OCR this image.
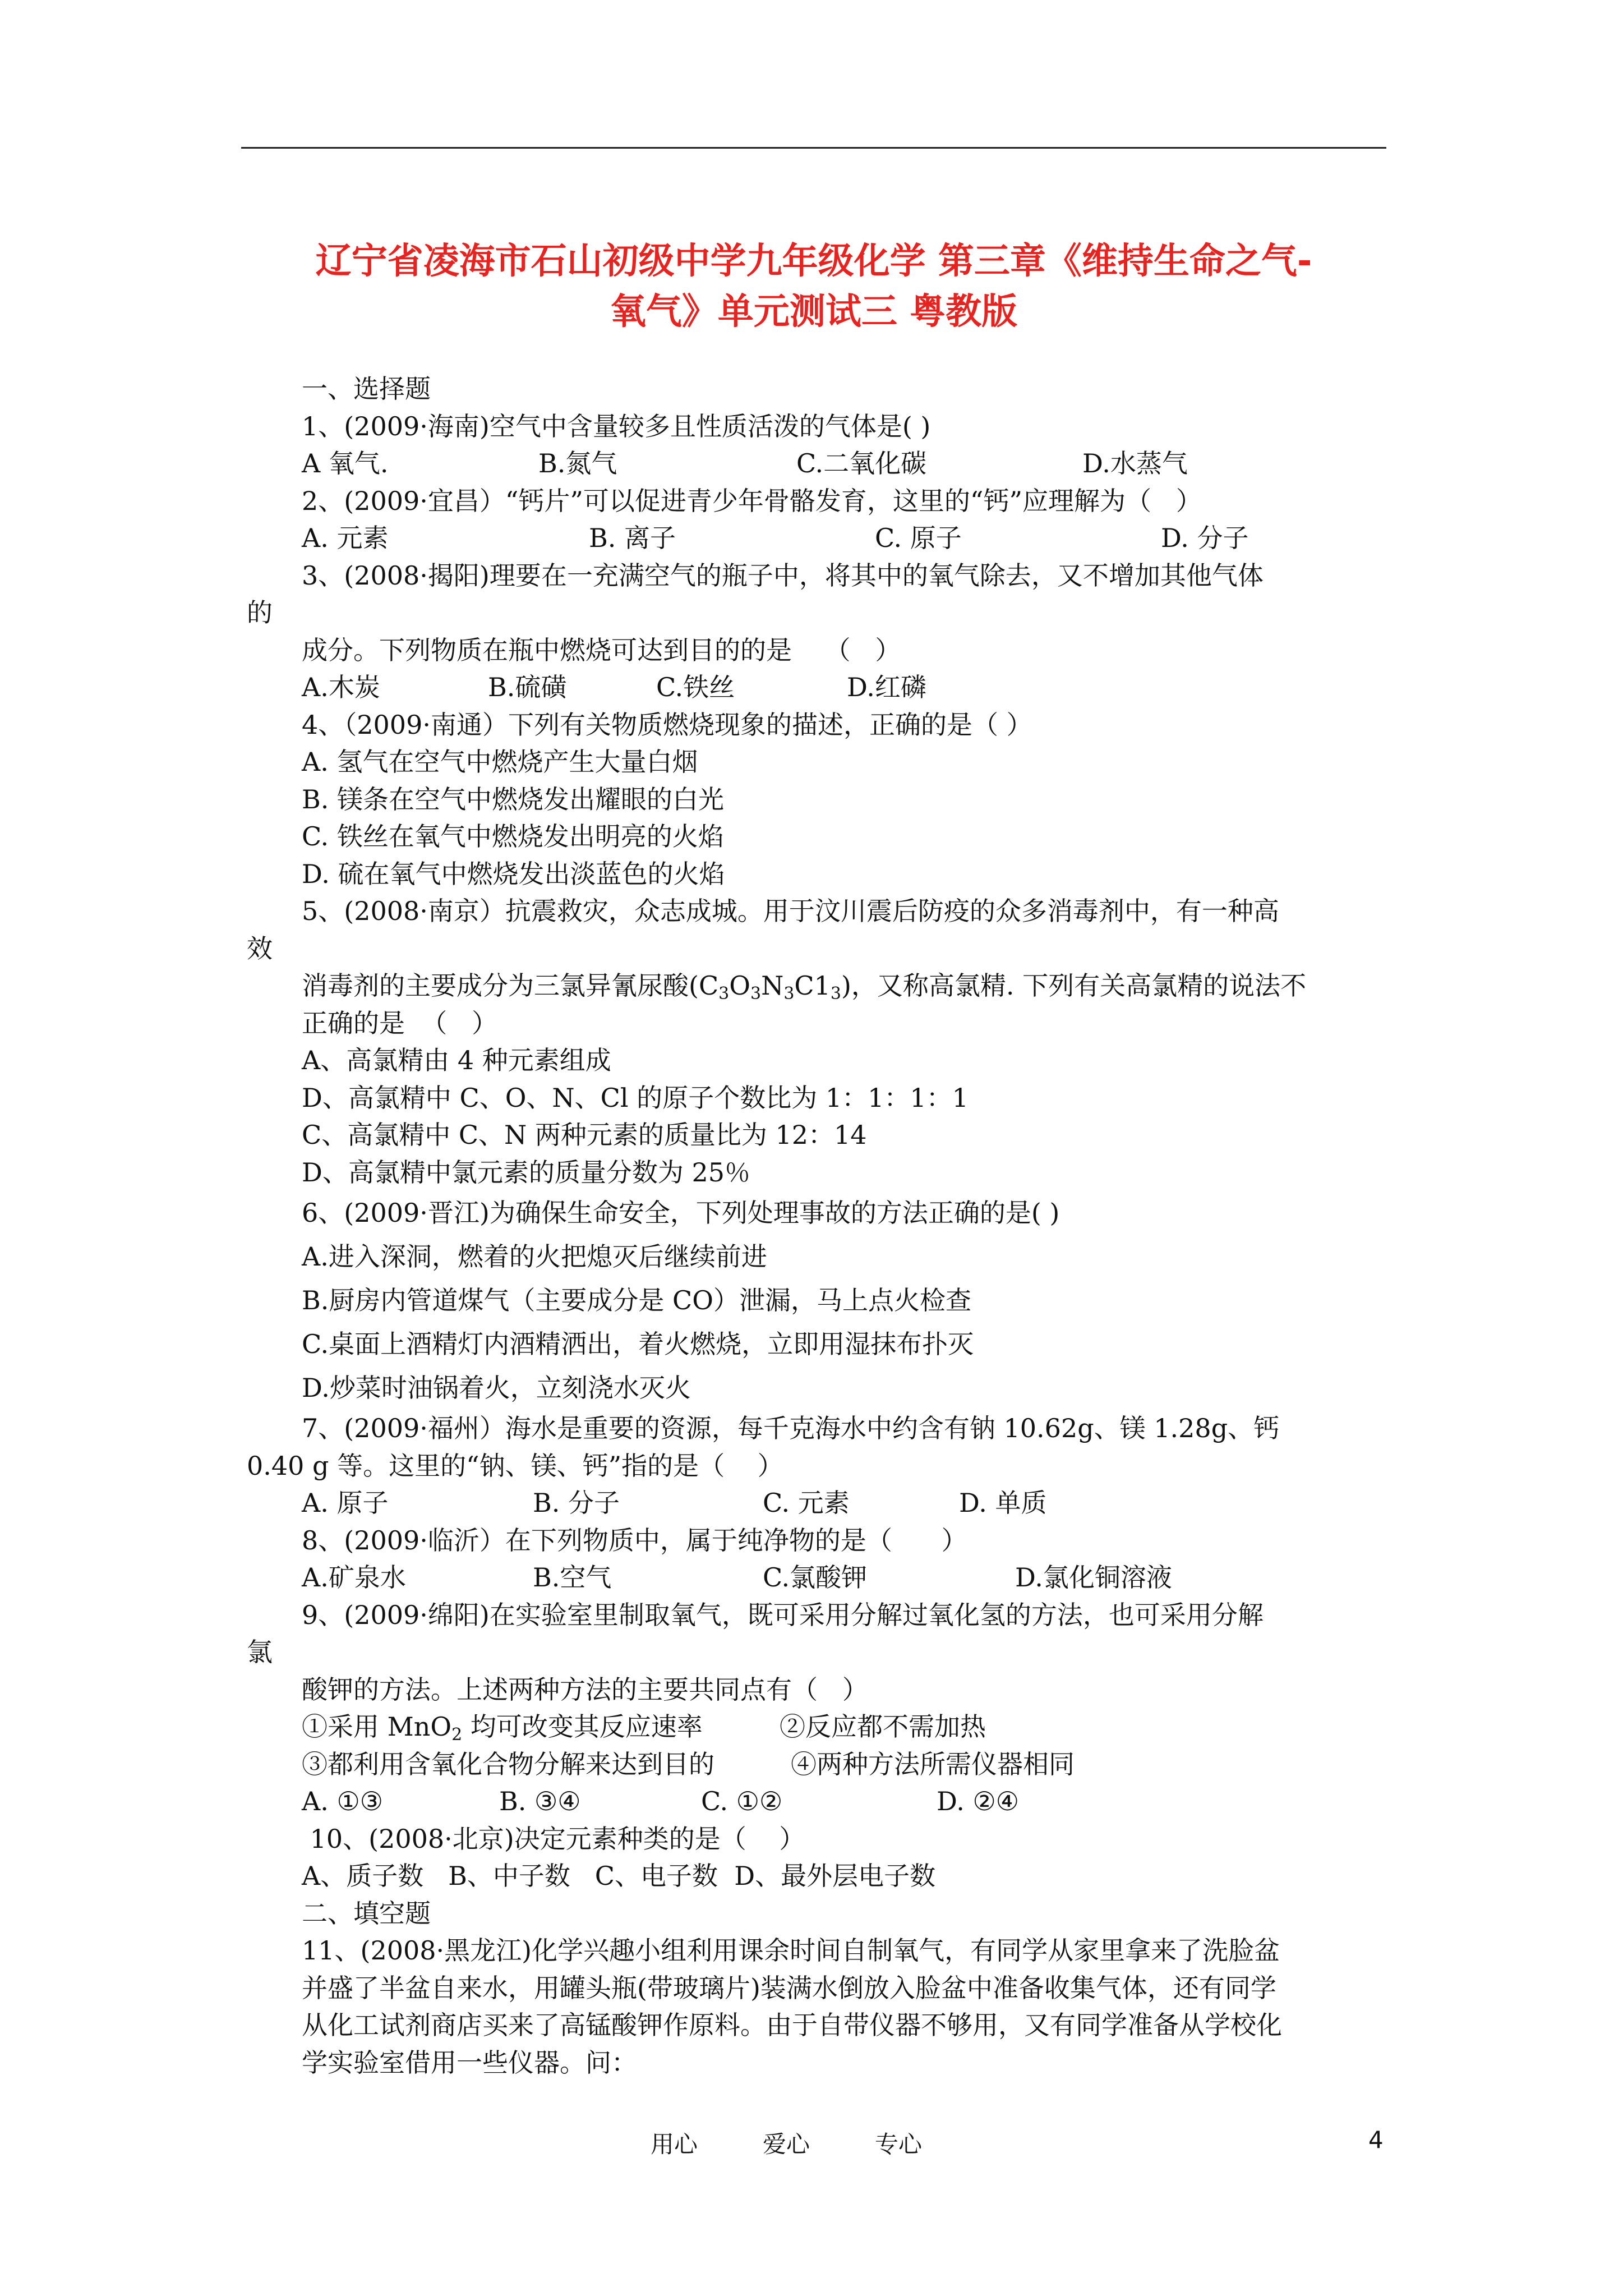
辽宁省凌海市石山初级中学九年级化学 第三章《维持生命之气-
氧气》单元测试三 粤教版
一、选择题
1、(2009·海南)空气中含量较多且性质活泼的气体是( )

A 氧气.

	B.氮气

	C.二氧化碳

	D.水蒸气

2、(2009·宜昌）“钙片”可以促进青少年骨骼发育，这里的“钙”应理解为（   ）

A. 元素

	B. 离子

	C. 原子

	D. 分子

3、(2008·揭阳)理要在一充满空气的瓶子中，将其中的氧气除去，又不增加其他气体
的
成分。下列物质在瓶中燃烧可达到目的的是    （   ）

A.木炭

	B.硫磺

	C.铁丝

	D.红磷

4、（2009·南通）下列有关物质燃烧现象的描述，正确的是（ ）
A. 氢气在空气中燃烧产生大量白烟
B. 镁条在空气中燃烧发出耀眼的白光
C. 铁丝在氧气中燃烧发出明亮的火焰
D. 硫在氧气中燃烧发出淡蓝色的火焰
5、(2008·南京）抗震救灾，众志成城。用于汶川震后防疫的众多消毒剂中，有一种高
效
消毒剂的主要成分为三氯异氰尿酸$(C_3O_3N_3C1_3)$，又称高氯精. 下列有关高氯精的说法不
正确的是  （   ）
A、高氯精由 4 种元素组成
D、高氯精中 C、O、N、Cl 的原子个数比为 1：1：1：1
C、高氯精中 C、N 两种元素的质量比为 12：14
D、高氯精中氯元素的质量分数为 25％
6、(2009·晋江)为确保生命安全，下列处理事故的方法正确的是( )
A.进入深洞，燃着的火把熄灭后继续前进
B.厨房内管道煤气（主要成分是 CO）泄漏，马上点火检查
C.桌面上酒精灯内酒精洒出，着火燃烧，立即用湿抹布扑灭
D.炒菜时油锅着火，立刻浇水灭火
7、(2009·福州）海水是重要的资源，每千克海水中约含有钠 10.62g、镁 1.28g、钙
0.40 g 等。这里的“钠、镁、钙”指的是（    ）

A. 原子

	B. 分子

	C. 元素

	D. 单质

8、(2009·临沂）在下列物质中，属于纯净物的是（      ）

A.矿泉水

	B.空气

	C.氯酸钾

	D.氯化铜溶液

9、(2009·绵阳)在实验室里制取氧气，既可采用分解过氧化氢的方法，也可采用分解
氯
酸钾的方法。上述两种方法的主要共同点有（   ）

①采用 MnO$_2$ 均可改变其反应速率

	②反应都不需加热

③都利用含氧化合物分解来达到目的

	④两种方法所需仪器相同

A. ①③

	B. ③④

	C. ①②

	D. ②④

10、(2008·北京)决定元素种类的是（    ）
A、质子数   B、中子数   C、电子数  D、最外层电子数
二、填空题
11、(2008·黑龙江)化学兴趣小组利用课余时间自制氧气，有同学从家里拿来了洗脸盆
并盛了半盆自来水，用罐头瓶(带玻璃片)装满水倒放入脸盆中准备收集气体，还有同学
从化工试剂商店买来了高锰酸钾作原料。由于自带仪器不够用，又有同学准备从学校化
学实验室借用一些仪器。问：
用心	爱心	专心	4
